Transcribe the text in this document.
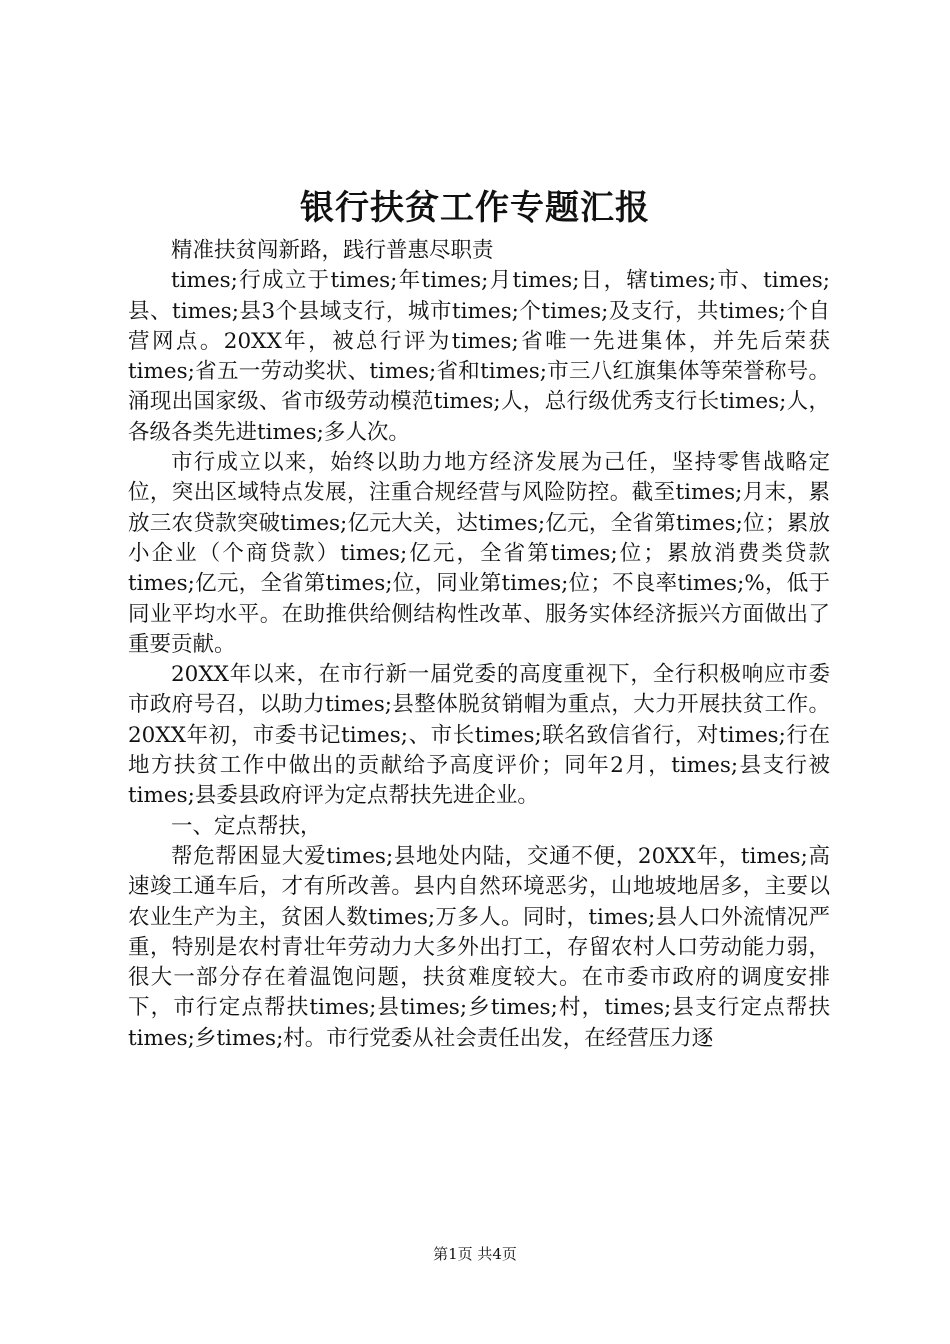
银行扶贫工作专题汇报

精准扶贫闯新路，践行普惠尽职责

times;行成立于times;年times;月times;日，辖times;市、times;县、times;县3个县域支行，城市times;个times;及支行，共times;个自营网点。20XX年，被总行评为times;省唯一先进集体，并先后荣获times;省五一劳动奖状、times;省和times;市三八红旗集体等荣誉称号。涌现出国家级、省市级劳动模范times;人，总行级优秀支行长times;人，各级各类先进times;多人次。

市行成立以来，始终以助力地方经济发展为己任，坚持零售战略定位，突出区域特点发展，注重合规经营与风险防控。截至times;月末，累放三农贷款突破times;亿元大关，达times;亿元，全省第times;位；累放小企业（个商贷款）times;亿元，全省第times;位；累放消费类贷款times;亿元，全省第times;位，同业第times;位；不良率times;%，低于同业平均水平。在助推供给侧结构性改革、服务实体经济振兴方面做出了重要贡献。

20XX年以来，在市行新一届党委的高度重视下，全行积极响应市委市政府号召，以助力times;县整体脱贫销帽为重点，大力开展扶贫工作。20XX年初，市委书记times;、市长times;联名致信省行，对times;行在地方扶贫工作中做出的贡献给予高度评价；同年2月，times;县支行被times;县委县政府评为定点帮扶先进企业。

一、定点帮扶，

帮危帮困显大爱times;县地处内陆，交通不便，20XX年，times;高速竣工通车后，才有所改善。县内自然环境恶劣，山地坡地居多，主要以农业生产为主，贫困人数times;万多人。同时，times;县人口外流情况严重，特别是农村青壮年劳动力大多外出打工，存留农村人口劳动能力弱，很大一部分存在着温饱问题，扶贫难度较大。在市委市政府的调度安排下，市行定点帮扶times;县times;乡times;村，times;县支行定点帮扶times;乡times;村。市行党委从社会责任出发，在经营压力逐

第1页 共4页
